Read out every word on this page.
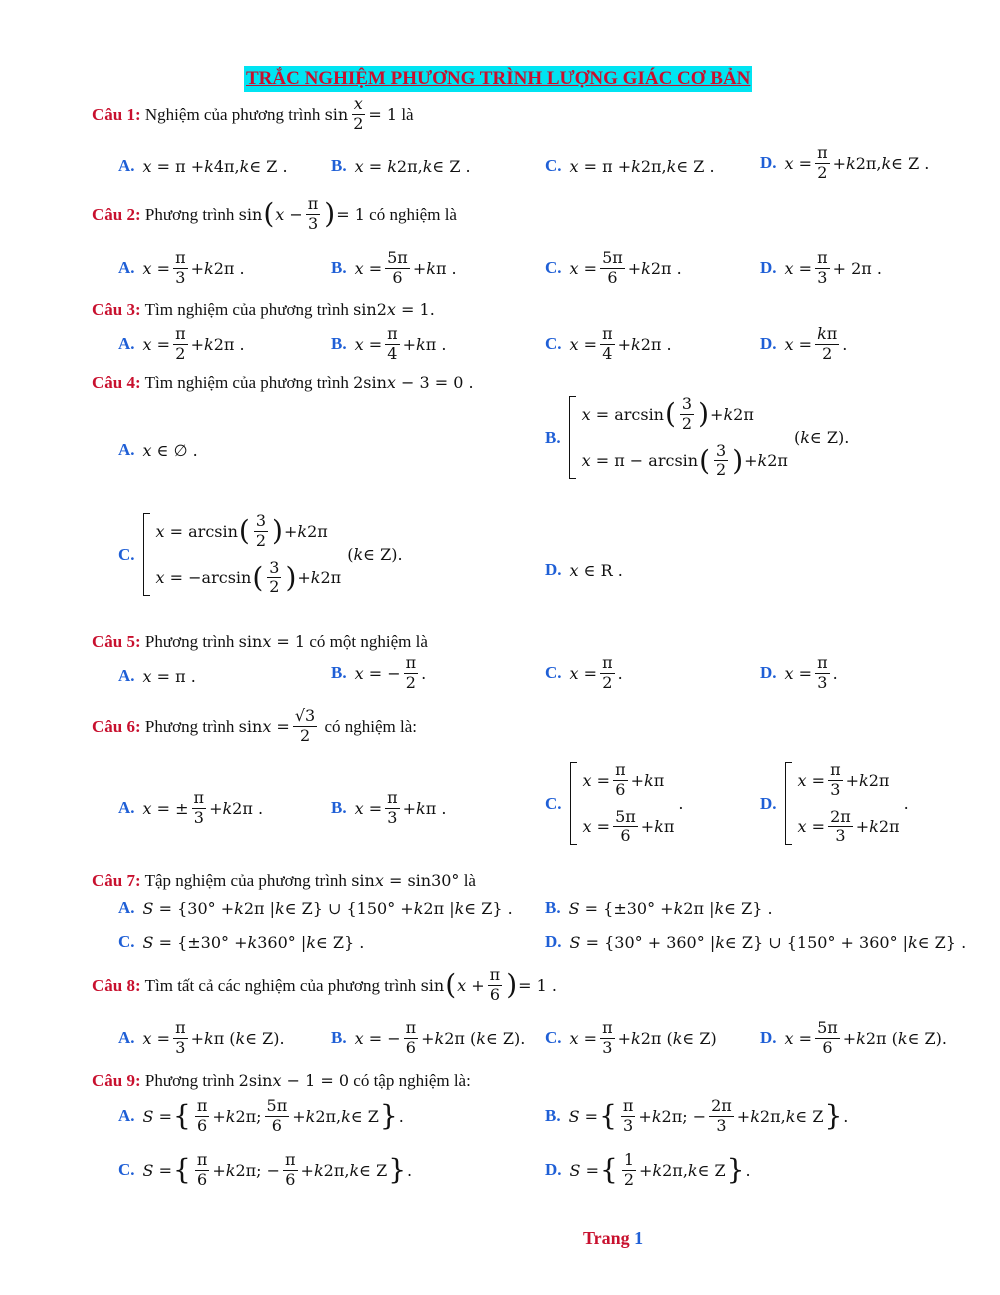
TRẮC NGHIỆM PHƯƠNG TRÌNH LƯỢNG GIÁC CƠ BẢN
Câu 1: Nghiệm của phương trình $\sin \frac{x}{2} = 1$ là
A. x = π + k 4π, k ∈ Z .	B. x = k 2π, k ∈ Z .	C. x = π + k 2π, k ∈ Z .	D. $x = \frac{\pi}{2} + k$ 2π, k ∈ Z .
Câu 2: Phương trình sin ( $x - \frac{\pi}{3}$ ) = 1 có nghiệm là
A. $x = \frac{\pi}{3} + k$ 2π .	B. $x = \frac{5\pi}{6} + k$ π .	C. $x = \frac{5\pi}{6} + k$ 2π .	D. $x = \frac{\pi}{3} + 2\pi$ .
Câu 3: Tìm nghiệm của phương trình sin2 x = 1.
A. $x = \frac{\pi}{2} + k$ 2π .	B. $x = \frac{\pi}{4} + k$ π .	C. $x = \frac{\pi}{4} + k$ 2π .	D. $x = \frac{k\pi}{2}$ .
Câu 4: Tìm nghiệm của phương trình 2sin x − 3 = 0 .
A. x ∈ ∅ .
B.
x = arcsin ( $\frac{3}{2}$ ) + k 2π
x = π − arcsin ( $\frac{3}{2}$ ) + k 2π
( k ∈ Z).
C.
x = arcsin ( $\frac{3}{2}$ ) + k 2π
x = −arcsin ( $\frac{3}{2}$ ) + k 2π
( k ∈ Z).
D. x ∈ R .
Câu 5: Phương trình sin x = 1 có một nghiệm là
A. x = π .	B. x = − $\frac{\pi}{2}$ .	C. $x = \frac{\pi}{2}$ .	D. $x = \frac{\pi}{3}$ .
Câu 6: Phương trình $\sin x = \frac{√3}{2}$ có nghiệm là:
A. x = ± $\frac{\pi}{3} + k$ 2π .	B. $x = \frac{\pi}{3} + k$ π .	C.
$x = \frac{\pi}{6} + k$ π
$x = \frac{5\pi}{6} + k$ π
.	D.
$x = \frac{\pi}{3} + k$ 2π
$x = \frac{2\pi}{3} + k$ 2π
.
Câu 7: Tập nghiệm của phương trình sin x = sin30° là
A. S = {30° + k 2π | k ∈ Z} ∪ {150° + k 2π | k ∈ Z} . B. S = {±30° + k 2π | k ∈ Z} .
C. S = {±30° + k 360° | k ∈ Z} .	D. S = {30° + 360° | k ∈ Z} ∪ {150° + 360° | k ∈ Z} .
Câu 8: Tìm tất cả các nghiệm của phương trình sin ( $x + \frac{\pi}{6}$ ) = 1 .
A. $x = \frac{\pi}{3} + k$ π ( k ∈ Z).	B. x = − $\frac{\pi}{6} + k$ 2π ( k ∈ Z). C. $x = \frac{\pi}{3} + k$ 2π ( k ∈ Z)	D. $x = \frac{5\pi}{6} + k$ 2π ( k ∈ Z).
Câu 9: Phương trình 2sin x − 1 = 0 có tập nghiệm là:
A. S = { $\frac{\pi}{6} + k$ 2π; $\frac{5\pi}{6} + k$ 2π, k ∈ Z } .	B. S = { $\frac{\pi}{3} + k$ 2π; − $\frac{2\pi}{3} + k$ 2π, k ∈ Z } .
C. S = { $\frac{\pi}{6} + k$ 2π; − $\frac{\pi}{6} + k$ 2π, k ∈ Z } .	D. S = { $\frac{1}{2} + k$ 2π, k ∈ Z } .
Trang 1
